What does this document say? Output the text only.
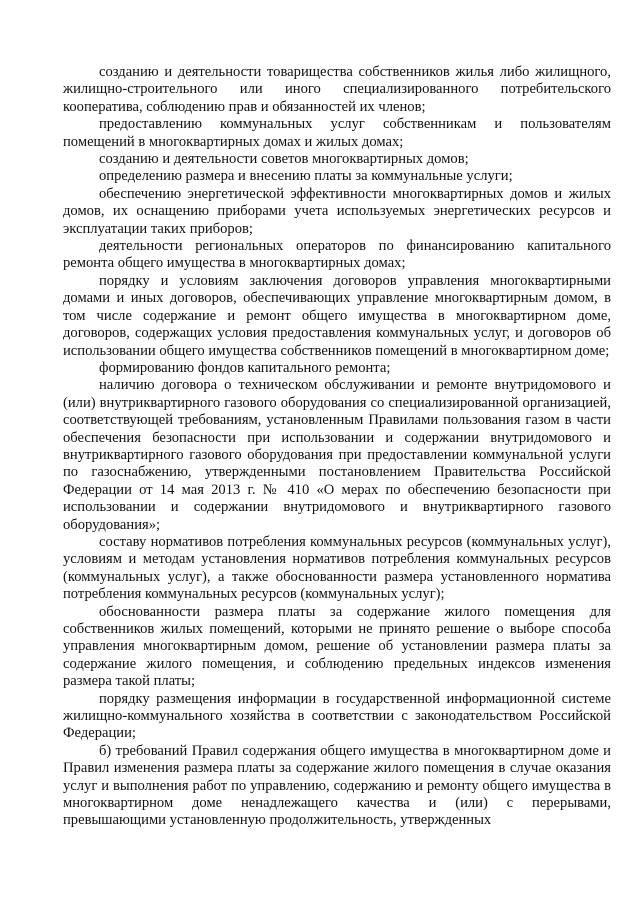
созданию и деятельности товарищества собственников жилья либо жилищного, жилищно-строительного или иного специализированного потребительского кооператива, соблюдению прав и обязанностей их членов;

предоставлению коммунальных услуг собственникам и пользователям помещений в многоквартирных домах и жилых домах;

созданию и деятельности советов многоквартирных домов;

определению размера и внесению платы за коммунальные услуги;

обеспечению энергетической эффективности многоквартирных домов и жилых домов, их оснащению приборами учета используемых энергетических ресурсов и эксплуатации таких приборов;

деятельности региональных операторов по финансированию капитального ремонта общего имущества в многоквартирных домах;

порядку и условиям заключения договоров управления многоквартирными домами и иных договоров, обеспечивающих управление многоквартирным домом, в том числе содержание и ремонт общего имущества в многоквартирном доме, договоров, содержащих условия предоставления коммунальных услуг, и договоров об использовании общего имущества собственников помещений в многоквартирном доме;

формированию фондов капитального ремонта;

наличию договора о техническом обслуживании и ремонте внутридомового и (или) внутриквартирного газового оборудования со специализированной организацией, соответствующей требованиям, установленным Правилами пользования газом в части обеспечения безопасности при использовании и содержании внутридомового и внутриквартирного газового оборудования при предоставлении коммунальной услуги по газоснабжению, утвержденными постановлением Правительства Российской Федерации от 14 мая 2013 г. № 410 «О мерах по обеспечению безопасности при использовании и содержании внутридомового и внутриквартирного газового оборудования»;

составу нормативов потребления коммунальных ресурсов (коммунальных услуг), условиям и методам установления нормативов потребления коммунальных ресурсов (коммунальных услуг), а также обоснованности размера установленного норматива потребления коммунальных ресурсов (коммунальных услуг);

обоснованности размера платы за содержание жилого помещения для собственников жилых помещений, которыми не принято решение о выборе способа управления многоквартирным домом, решение об установлении размера платы за содержание жилого помещения, и соблюдению предельных индексов изменения размера такой платы;

порядку размещения информации в государственной информационной системе жилищно-коммунального хозяйства в соответствии с законодательством Российской Федерации;

б) требований Правил содержания общего имущества в многоквартирном доме и Правил изменения размера платы за содержание жилого помещения в случае оказания услуг и выполнения работ по управлению, содержанию и ремонту общего имущества в многоквартирном доме ненадлежащего качества и (или) с перерывами, превышающими установленную продолжительность, утвержденных
